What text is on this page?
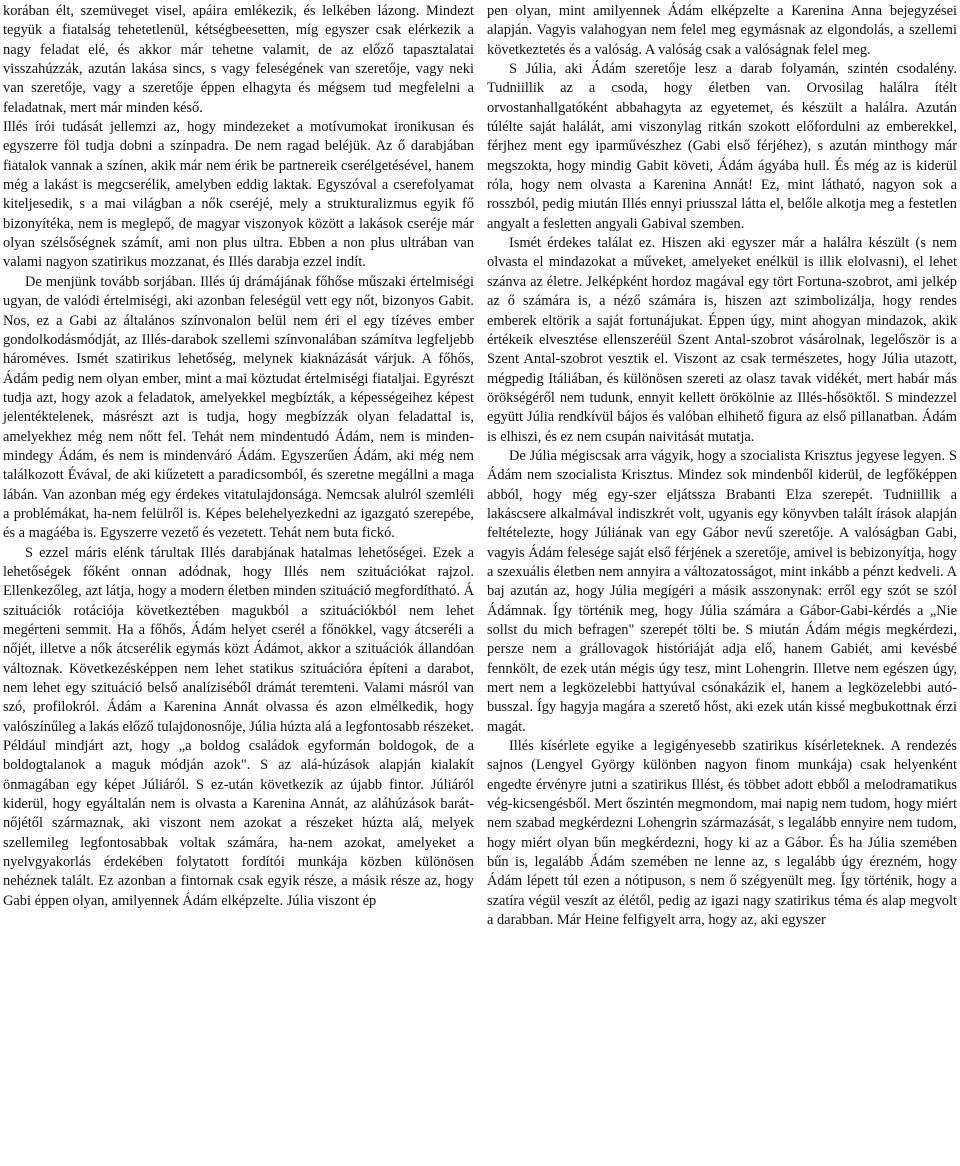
korában élt, szemüveget visel, apáira emlékezik, és lelkében lázong. Mindezt tegyük a fiatalság tehetetlenül, kétségbeesetten, míg egyszer csak elérkezik a nagy feladat elé, és akkor már tehetne valamit, de az előző tapasztalatai visszahúzzák, azután lakása sincs, s vagy feleségének van szeretője, vagy neki van szeretője, vagy a szeretője éppen elhagyta és mégsem tud megfelelni a feladatnak, mert már minden késő.

Illés írói tudását jellemzi az, hogy mindezeket a motívumokat ironikusan és egyszerre föl tudja dobni a színpadra. De nem ragad beléjük. Az ő darabjában fiatalok vannak a színen, akik már nem érik be partnereik cserélgetésével, hanem még a lakást is megcserélik, amelyben eddig laktak. Egyszóval a cserefolyamat kiteljesedik, s a mai világban a nők cseréjé, mely a strukturalizmus egyik fő bizonyítéka, nem is meglepő, de magyar viszonyok között a lakások cseréje már olyan szélsőségnek számít, ami non plus ultra. Ebben a non plus ultrában van valami nagyon szatirikus mozzanat, és Illés darabja ezzel indít.

De menjünk tovább sorjában. Illés új drámájának főhőse műszaki értelmiségi ugyan, de valódi értelmiségi, aki azonban feleségül vett egy nőt, bizonyos Gabit. Nos, ez a Gabi az általános színvonalon belül nem éri el egy tízéves ember gondolkodásmódját, az Illés-darabok szellemi színvonalában számítva legfeljebb hároméves. Ismét szatirikus lehetőség, melynek kiaknázását várjuk. A főhős, Ádám pedig nem olyan ember, mint a mai köztudat értelmiségi fiataljai. Egyrészt tudja azt, hogy azok a feladatok, amelyekkel megbízták, a képességeihez képest jelentéktelenek, másrészt azt is tudja, hogy megbízzák olyan feladattal is, amelyekhez még nem nőtt fel. Tehát nem mindentudó Ádám, nem is minden-mindegy Ádám, és nem is mindenváró Ádám. Egyszerűen Ádám, aki még nem találkozott Évával, de aki kiűzetett a paradicsomból, és szeretne megállni a maga lábán. Van azonban még egy érdekes vitatulajdonsága. Nemcsak alulról szemléli a problémákat, ha-nem felülről is. Képes belehelyezkedni az igazgató szerepébe, és a magáéba is. Egyszerre vezető és vezetett. Tehát nem buta fickó.

S ezzel máris elénk tárultak Illés darabjának hatalmas lehetőségei. Ezek a lehetőségek főként onnan adódnak, hogy Illés nem szituációkat rajzol. Ellenkezőleg, azt látja, hogy a modern életben minden szituáció megfordítható. Á szituációk rotációja következtében magukból a szituációkból nem lehet megérteni semmit. Ha a főhős, Ádám helyet cserél a főnökkel, vagy átcseréli a nőjét, illetve a nők átcserélik egymás közt Ádámot, akkor a szituációk állandóan változnak. Következésképpen nem lehet statikus szituációra építeni a darabot, nem lehet egy szituáció belső analíziséből drámát teremteni. Valami másról van szó, profilokról. Ádám a Karenina Annát olvassa és azon elmélkedik, hogy valószínűleg a lakás előző tulajdonosnője, Júlia húzta alá a legfontosabb részeket. Például mindjárt azt, hogy „a boldog családok egyformán boldogok, de a boldogtalanok a maguk módján azok". S az alá-húzások alapján kialakít önmagában egy képet Júliáról. S ez-után következik az újabb fintor. Júliáról kiderül, hogy egyáltalán nem is olvasta a Karenina Annát, az aláhúzások barát-nőjétől származnak, aki viszont nem azokat a részeket húzta alá, melyek szellemileg legfontosabbak voltak számára, ha-nem azokat, amelyeket a nyelvgyakorlás érdekében folytatott fordítói munkája közben különösen nehéznek talált. Ez azonban a fintornak csak egyik része, a másik része az, hogy Gabi éppen olyan, amilyennek Ádám elképzelte. Júlia viszont ép

pen olyan, mint amilyennek Ádám elképzelte a Karenina Anna bejegyzései alapján. Vagyis valahogyan nem felel meg egymásnak az elgondolás, a szellemi következtetés és a valóság. A valóság csak a valóságnak felel meg.

S Júlia, aki Ádám szeretője lesz a darab folyamán, szintén csodalény. Tudniillik az a csoda, hogy életben van. Orvosilag halálra ítélt orvostanhallgatóként abbahagyta az egyetemet, és készült a halálra. Azután túlélte saját halálát, ami viszonylag ritkán szokott előfordulni az emberekkel, férjhez ment egy iparművészhez (Gabi első férjéhez), s azután minthogy már megszokta, hogy mindig Gabit követi, Ádám ágyába hull. És még az is kiderül róla, hogy nem olvasta a Karenina Annát! Ez, mint látható, nagyon sok a rosszból, pedig miután Illés ennyi priusszal látta el, belőle alkotja meg a festetlen angyalt a fesletten angyali Gabival szemben.

Ismét érdekes találat ez. Hiszen aki egyszer már a halálra készült (s nem olvasta el mindazokat a műveket, amelyeket enélkül is illik elolvasni), el lehet szánva az életre. Jelképként hordoz magával egy tört Fortuna-szobrot, ami jelkép az ő számára is, a néző számára is, hiszen azt szimbolizálja, hogy rendes emberek eltörik a saját fortunájukat. Éppen úgy, mint ahogyan mindazok, akik értékeik elvesztése ellenszeréül Szent Antal-szobrot vásárolnak, legelőször is a Szent Antal-szobrot vesztik el. Viszont az csak természetes, hogy Júlia utazott, mégpedig Itáliában, és különösen szereti az olasz tavak vidékét, mert habár más örökségéről nem tudunk, ennyit kellett örökölnie az Illés-hősöktől. S mindezzel együtt Júlia rendkívül bájos és valóban elhihető figura az első pillanatban. Ádám is elhiszi, és ez nem csupán naivitását mutatja.

De Júlia mégiscsak arra vágyik, hogy a szocialista Krisztus jegyese legyen. S Ádám nem szocialista Krisztus. Mindez sok mindenből kiderül, de legfőképpen abból, hogy még egy-szer eljátssza Brabanti Elza szerepét. Tudniillik a lakáscsere alkalmával indiszkrét volt, ugyanis egy könyvben talált írások alapján feltételezte, hogy Júliának van egy Gábor nevű szeretője. A valóságban Gabi, vagyis Ádám felesége saját első férjének a szeretője, amivel is bebizonyítja, hogy a szexuális életben nem annyira a változatosságot, mint inkább a pénzt kedveli. A baj azután az, hogy Júlia megígéri a másik asszonynak: erről egy szót se szól Ádámnak. Így történik meg, hogy Júlia számára a Gábor-Gabi-kérdés a „Nie sollst du mich befragen" szerepét tölti be. S miután Ádám mégis megkérdezi, persze nem a grállovagok históriáját adja elő, hanem Gabiét, ami kevésbé fennkölt, de ezek után mégis úgy tesz, mint Lohengrin. Illetve nem egészen úgy, mert nem a legközelebbi hattyúval csónakázik el, hanem a legközelebbi autó-busszal. Így hagyja magára a szerető hőst, aki ezek után kissé megbukottnak érzi magát.

Illés kísérlete egyike a legigényesebb szatirikus kísérleteknek. A rendezés sajnos (Lengyel György különben nagyon finom munkája) csak helyenként engedte érvényre jutni a szatirikus Illést, és többet adott ebből a melodramatikus vég-kicsengésből. Mert őszintén megmondom, mai napig nem tudom, hogy miért nem szabad megkérdezni Lohengrin származását, s legalább ennyire nem tudom, hogy miért olyan bűn megkérdezni, hogy ki az a Gábor. És ha Júlia szemében bűn is, legalább Ádám szemében ne lenne az, s legalább úgy érezném, hogy Ádám lépett túl ezen a nótipuson, s nem ő szégyenült meg. Így történik, hogy a szatíra végül veszít az élétől, pedig az igazi nagy szatirikus téma és alap megvolt a darabban. Már Heine felfigyelt arra, hogy az, aki egyszer
